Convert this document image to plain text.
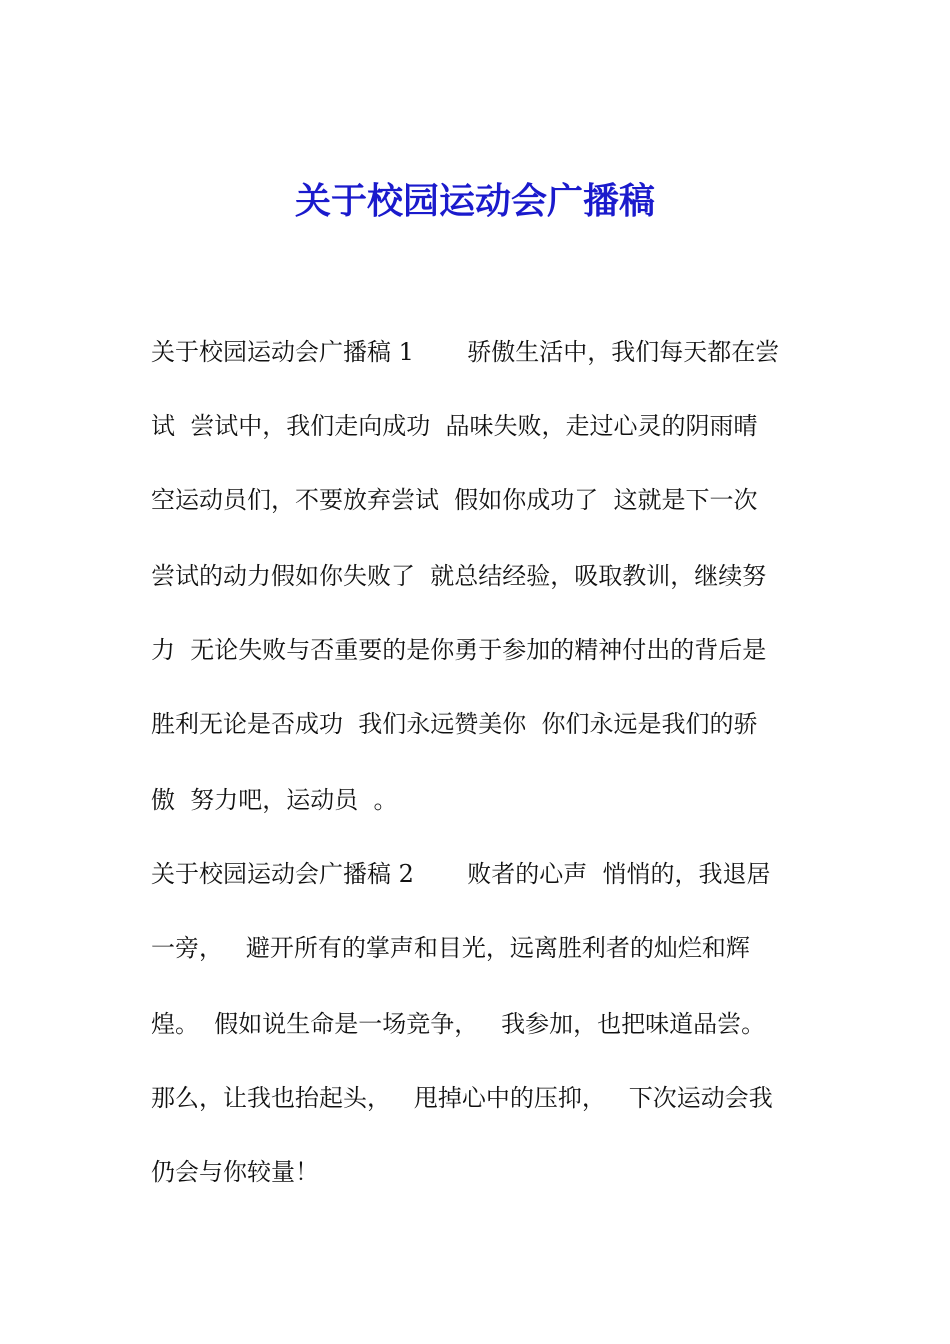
关于校园运动会广播稿
关于校园运动会广播稿 1       骄傲生活中，我们每天都在尝
试  尝试中，我们走向成功  品味失败，走过心灵的阴雨晴
空运动员们，不要放弃尝试  假如你成功了  这就是下一次
尝试的动力假如你失败了  就总结经验，吸取教训，继续努
力  无论失败与否重要的是你勇于参加的精神付出的背后是
胜利无论是否成功  我们永远赞美你  你们永远是我们的骄
傲  努力吧，运动员  。
关于校园运动会广播稿 2       败者的心声  悄悄的，我退居
一旁，   避开所有的掌声和目光，远离胜利者的灿烂和辉
煌。  假如说生命是一场竞争，   我参加，也把味道品尝。
那么，让我也抬起头，   甩掉心中的压抑，   下次运动会我
仍会与你较量！
